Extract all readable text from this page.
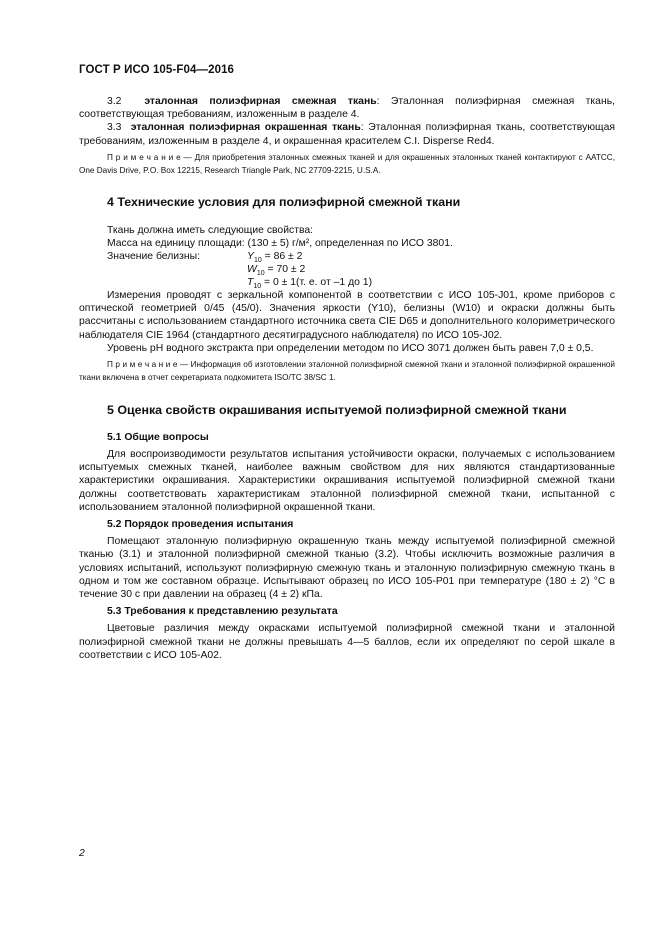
ГОСТ Р ИСО 105-F04—2016

3.2 эталонная полиэфирная смежная ткань: Эталонная полиэфирная смежная ткань, соответствующая требованиям, изложенным в разделе 4.

3.3 эталонная полиэфирная окрашенная ткань: Эталонная полиэфирная ткань, соответствующая требованиям, изложенным в разделе 4, и окрашенная красителем C.I. Disperse Red4.

П р и м е ч а н и е — Для приобретения эталонных смежных тканей и для окрашенных эталонных тканей контактируют с AATCC, One Davis Drive, P.O. Box 12215, Research Triangle Park, NC 27709-2215, U.S.A.

4 Технические условия для полиэфирной смежной ткани

Ткань должна иметь следующие свойства:

Масса на единицу площади: (130 ± 5) г/м², определенная по ИСО 3801.

Значение белизны:	$Y_{10} = 86 \pm 2$
$W_{10} = 70 \pm 2$
$T_{10} = 0 \pm 1(т$. е. от –1 до 1)

Измерения проводят с зеркальной компонентой в соответствии с ИСО 105-J01, кроме приборов с оптической геометрией 0/45 (45/0). Значения яркости (Y10), белизны (W10) и окраски должны быть рассчитаны с использованием стандартного источника света CIE D65 и дополнительного колориметрического наблюдателя CIE 1964 (стандартного десятиградусного наблюдателя) по ИСО 105-J02.

Уровень pH водного экстракта при определении методом по ИСО 3071 должен быть равен 7,0 ± 0,5.

П р и м е ч а н и е — Информация об изготовлении эталонной полиэфирной смежной ткани и эталонной полиэфирной окрашенной ткани включена в отчет секретариата подкомитета ISO/TC 38/SC 1.

5 Оценка свойств окрашивания испытуемой полиэфирной смежной ткани
5.1 Общие вопросы

Для воспроизводимости результатов испытания устойчивости окраски, получаемых с использованием испытуемых смежных тканей, наиболее важным свойством для них являются стандартизованные характеристики окрашивания. Характеристики окрашивания испытуемой полиэфирной смежной ткани должны соответствовать характеристикам эталонной полиэфирной смежной ткани, испытанной с использованием эталонной полиэфирной окрашенной ткани.

5.2 Порядок проведения испытания

Помещают эталонную полиэфирную окрашенную ткань между испытуемой полиэфирной смежной тканью (3.1) и эталонной полиэфирной смежной тканью (3.2). Чтобы исключить возможные различия в условиях испытаний, используют полиэфирную смежную ткань и эталонную полиэфирную смежную ткань в одном и том же составном образце. Испытывают образец по ИСО 105-P01 при температуре (180 ± 2) °С в течение 30 с при давлении на образец (4 ± 2) кПа.

5.3 Требования к представлению результата

Цветовые различия между окрасками испытуемой полиэфирной смежной ткани и эталонной полиэфирной смежной ткани не должны превышать 4—5 баллов, если их определяют по серой шкале в соответствии с ИСО 105-A02.

2
